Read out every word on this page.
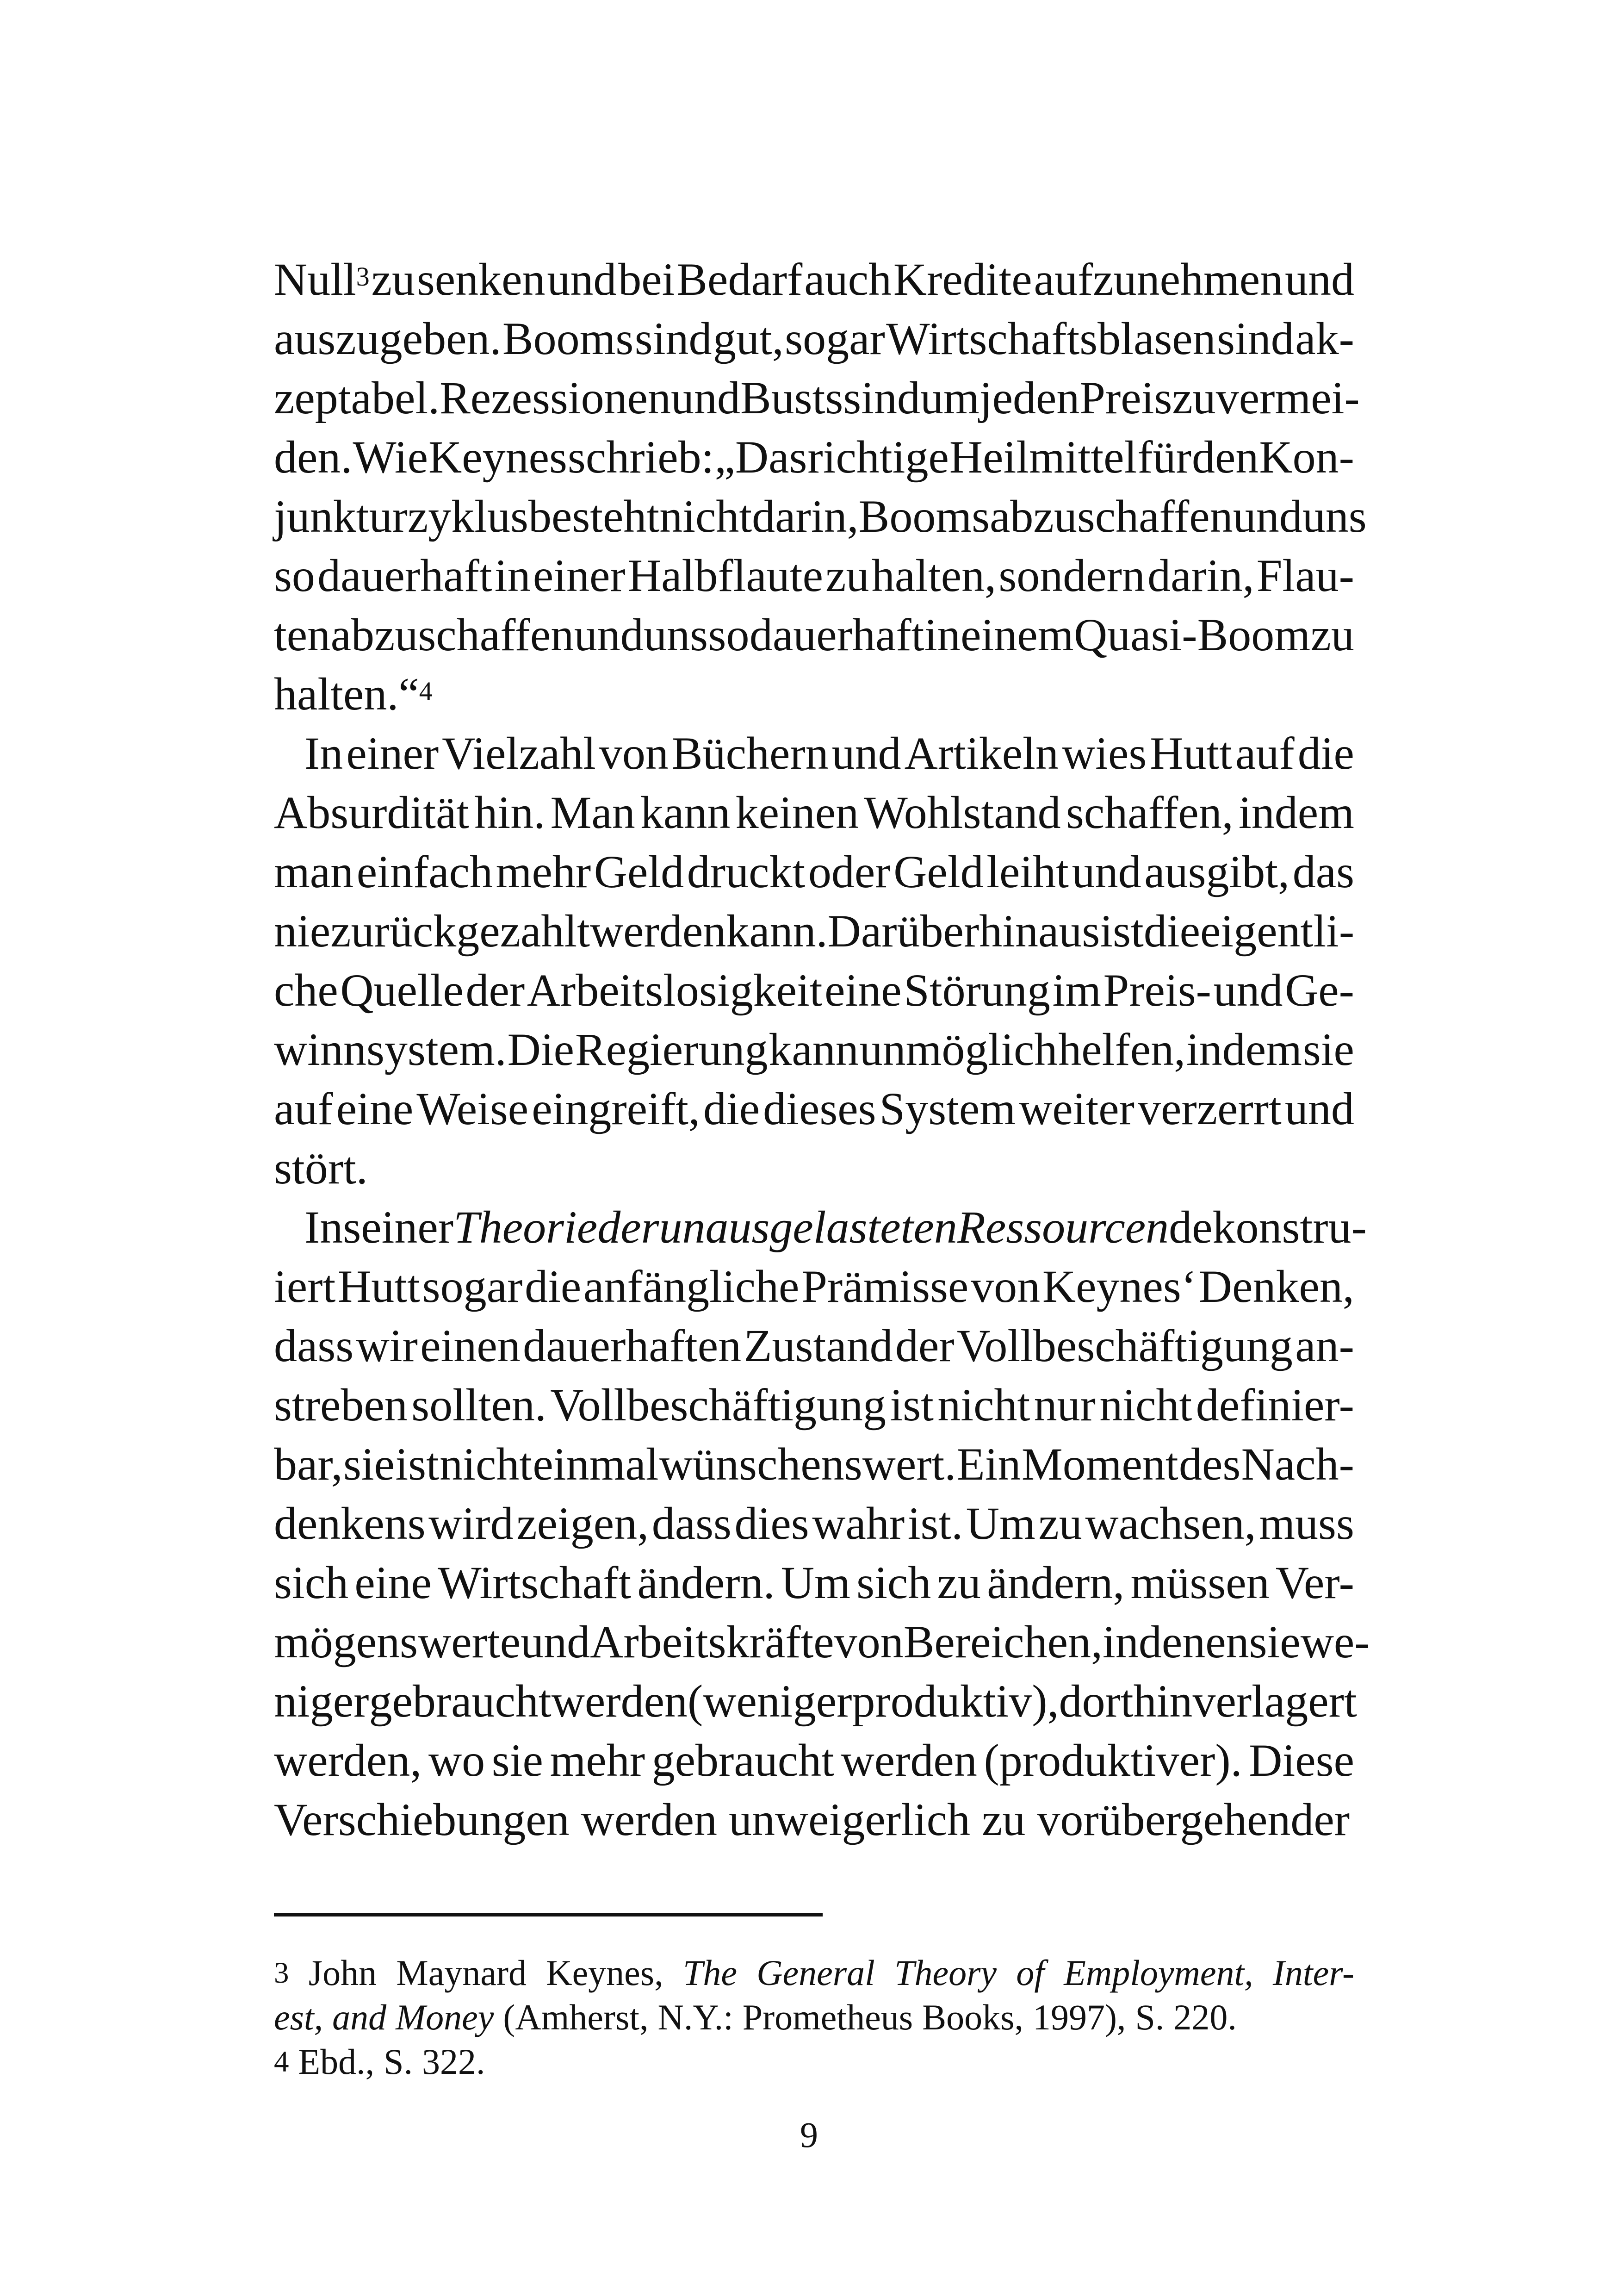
Null$^3$ zu senken und bei Bedarf auch Kredite aufzunehmen und
auszugeben. Booms sind gut, sogar Wirtschaftsblasen sind ak-
zeptabel. Rezessionen und Busts sind um jeden Preis zu vermei-
den. Wie Keynes schrieb: „Das richtige Heilmittel für den Kon-
junkturzyklus besteht nicht darin, Booms abzuschaffen und uns
so dauerhaft in einer Halbflaute zu halten, sondern darin, Flau-
ten abzuschaffen und uns so dauerhaft in einem Quasi-Boom zu
halten.“$^4$
In einer Vielzahl von Büchern und Artikeln wies Hutt auf die
Absurdität hin. Man kann keinen Wohlstand schaffen, indem
man einfach mehr Geld druckt oder Geld leiht und ausgibt, das
nie zurückgezahlt werden kann. Darüber hinaus ist die eigentli-
che Quelle der Arbeitslosigkeit eine Störung im Preis- und Ge-
winnsystem. Die Regierung kann unmöglich helfen, indem sie
auf eine Weise eingreift, die dieses System weiter verzerrt und
stört.
In seiner Theorie der unausgelasteten Ressourcen dekonstru-
iert Hutt sogar die anfängliche Prämisse von Keynes‘ Denken,
dass wir einen dauerhaften Zustand der Vollbeschäftigung an-
streben sollten. Vollbeschäftigung ist nicht nur nicht definier-
bar, sie ist nicht einmal wünschenswert. Ein Moment des Nach-
denkens wird zeigen, dass dies wahr ist. Um zu wachsen, muss
sich eine Wirtschaft ändern. Um sich zu ändern, müssen Ver-
mögenswerte und Arbeitskräfte von Bereichen, in denen sie we-
niger gebraucht werden (weniger produktiv), dorthin verlagert
werden, wo sie mehr gebraucht werden (produktiver). Diese
Verschiebungen werden unweigerlich zu vorübergehender
$^3$ John Maynard Keynes, The General Theory of Employment, Inter-
est, and Money (Amherst, N.Y.: Prometheus Books, 1997), S. 220.
$^4$ Ebd., S. 322.
9
